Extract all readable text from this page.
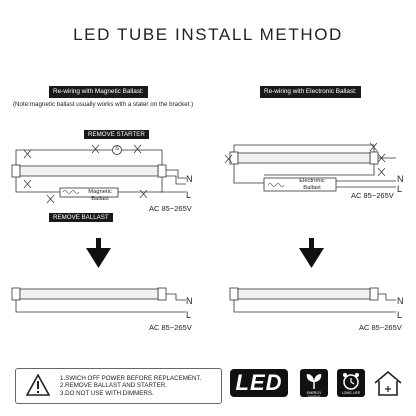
LED TUBE INSTALL METHOD
Re-wiring with Magnetic Ballast:	Re-wiring with Electronic Ballast:
(Note:magnetic ballast usually works with a stater on the bracket.)
REMOVE STARTER
REMOVE BALLAST
Magnetic
Ballast
S
N
L
AC 85~265V
N
L
AC 85~265V
Electronic
Ballast
N
L
AC 85~265V
N
L
AC 85~265V
1.SWICH OFF POWER BEFORE REPLACEMENT.
2.REMOVE BALLAST AND STARTER.
3.DO NOT USE WITH DIMMERS.	LED	ENERGY SAVING
LONG LIFE
